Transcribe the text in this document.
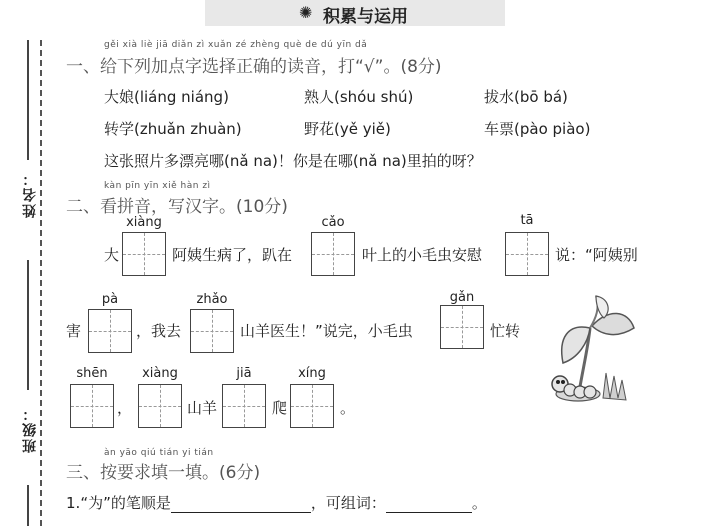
姓名：
班级：
✺ 积累与运用
gěi xià liè jiā diǎn zì xuǎn zé zhèng què de dú yīn dǎ
一、给下列加点字选择正确的读音，打“√”。(8分)
大娘(liáng niáng)	熟人(shóu shú)	拔水(bō bá)
转学(zhuǎn zhuàn)	野花(yě yiě)	车票(pào piào)
这张照片多漂亮哪(nǎ na)！你是在哪(nǎ na)里拍的呀？
kàn pīn yīn xiě hàn zì
二、看拼音，写汉字。(10分)
大
xiàng
阿姨生病了，趴在
cǎo
叶上的小毛虫安慰
tā
说：“阿姨别
害
pà
，我去
zhǎo
山羊医生！”说完，小毛虫
gǎn
忙转
shēn
，
xiàng
山羊
jiā
爬
xíng
。
àn yāo qiú tián yi tián
三、按要求填一填。(6分)
1.“为”的笔顺是	，可组词：	。
